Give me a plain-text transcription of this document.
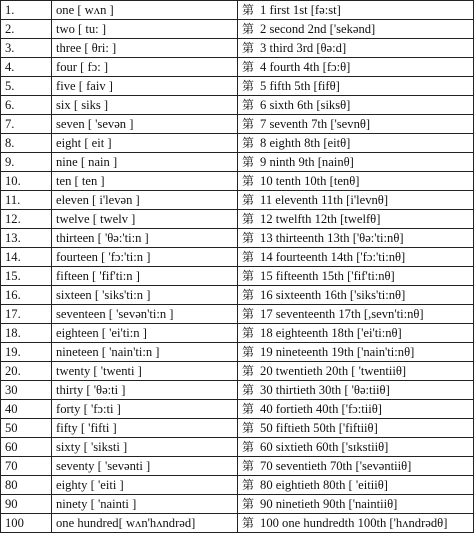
1.	one [ wʌn ]	第 1 first 1st [fə:st]
2.	two [ tu: ]	第 2 second 2nd ['sekənd]
3.	three [ θri: ]	第 3 third 3rd [θə:d]
4.	four [ fɔ: ]	第 4 fourth 4th [fɔ:θ]
5.	five [ faiv ]	第 5 fifth 5th [fifθ]
6.	six [ siks ]	第 6 sixth 6th [siksθ]
7.	seven [ 'sevən ]	第 7 seventh 7th ['sevnθ]
8.	eight [ eit ]	第 8 eighth 8th [eitθ]
9.	nine [ nain ]	第 9 ninth 9th [nainθ]
10.	ten [ ten ]	第 10 tenth 10th [tenθ]
11.	eleven [ i'levən ]	第 11 eleventh 11th [i'levnθ]
12.	twelve [ twelv ]	第 12 twelfth 12th [twelfθ]
13.	thirteen [ 'θə:'ti:n ]	第 13 thirteenth 13th ['θə:'ti:nθ]
14.	fourteen [ 'fɔ:'ti:n ]	第 14 fourteenth 14th ['fɔ:'ti:nθ]
15.	fifteen [ 'fif'ti:n ]	第 15 fifteenth 15th ['fif'ti:nθ]
16.	sixteen [ 'siks'ti:n ]	第 16 sixteenth 16th ['siks'ti:nθ]
17.	seventeen [ 'sevən'ti:n ]	第 17 seventeenth 17th [,sevn'ti:nθ]
18.	eighteen [ 'ei'ti:n ]	第 18 eighteenth 18th ['ei'ti:nθ]
19.	nineteen [ 'nain'ti:n ]	第 19 nineteenth 19th ['nain'ti:nθ]
20.	twenty [ 'twenti ]	第 20 twentieth 20th [ 'twentiiθ]
30	thirty [ 'θə:ti ]	第 30 thirtieth 30th [ 'θə:tiiθ]
40	forty [ 'fɔ:ti ]	第 40 fortieth 40th ['fɔ:tiiθ]
50	fifty [ 'fifti ]	第 50 fiftieth 50th ['fiftiiθ]
60	sixty [ 'siksti ]	第 60 sixtieth 60th ['sɪkstiiθ]
70	seventy [ 'sevənti ]	第 70 seventieth 70th ['sevəntiiθ]
80	eighty [ 'eiti ]	第 80 eightieth 80th [ 'eitiiθ]
90	ninety [ 'nainti ]	第 90 ninetieth 90th ['naintiiθ]
100	one hundred[ wʌn'hʌndrəd]	第 100 one hundredth 100th ['hʌndrədθ]
